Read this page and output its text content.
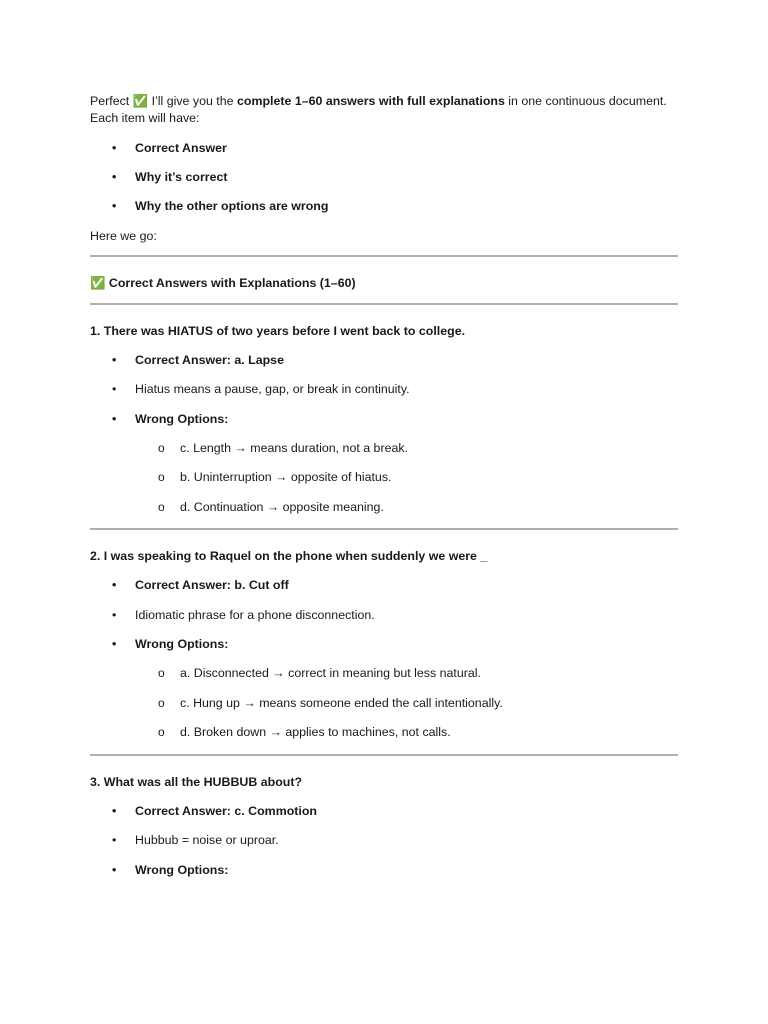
Perfect ✅ I’ll give you the complete 1–60 answers with full explanations in one continuous document. Each item will have:

• Correct Answer
• Why it’s correct
• Why the other options are wrong

Here we go:

✅ Correct Answers with Explanations (1–60)

1. There was HIATUS of two years before I went back to college.

• Correct Answer: a. Lapse
• Hiatus means a pause, gap, or break in continuity.
• Wrong Options:
o c. Length → means duration, not a break.
o b. Uninterruption → opposite of hiatus.
o d. Continuation → opposite meaning.

2. I was speaking to Raquel on the phone when suddenly we were _

• Correct Answer: b. Cut off
• Idiomatic phrase for a phone disconnection.
• Wrong Options:
o a. Disconnected → correct in meaning but less natural.
o c. Hung up → means someone ended the call intentionally.
o d. Broken down → applies to machines, not calls.

3. What was all the HUBBUB about?

• Correct Answer: c. Commotion
• Hubbub = noise or uproar.
• Wrong Options:
